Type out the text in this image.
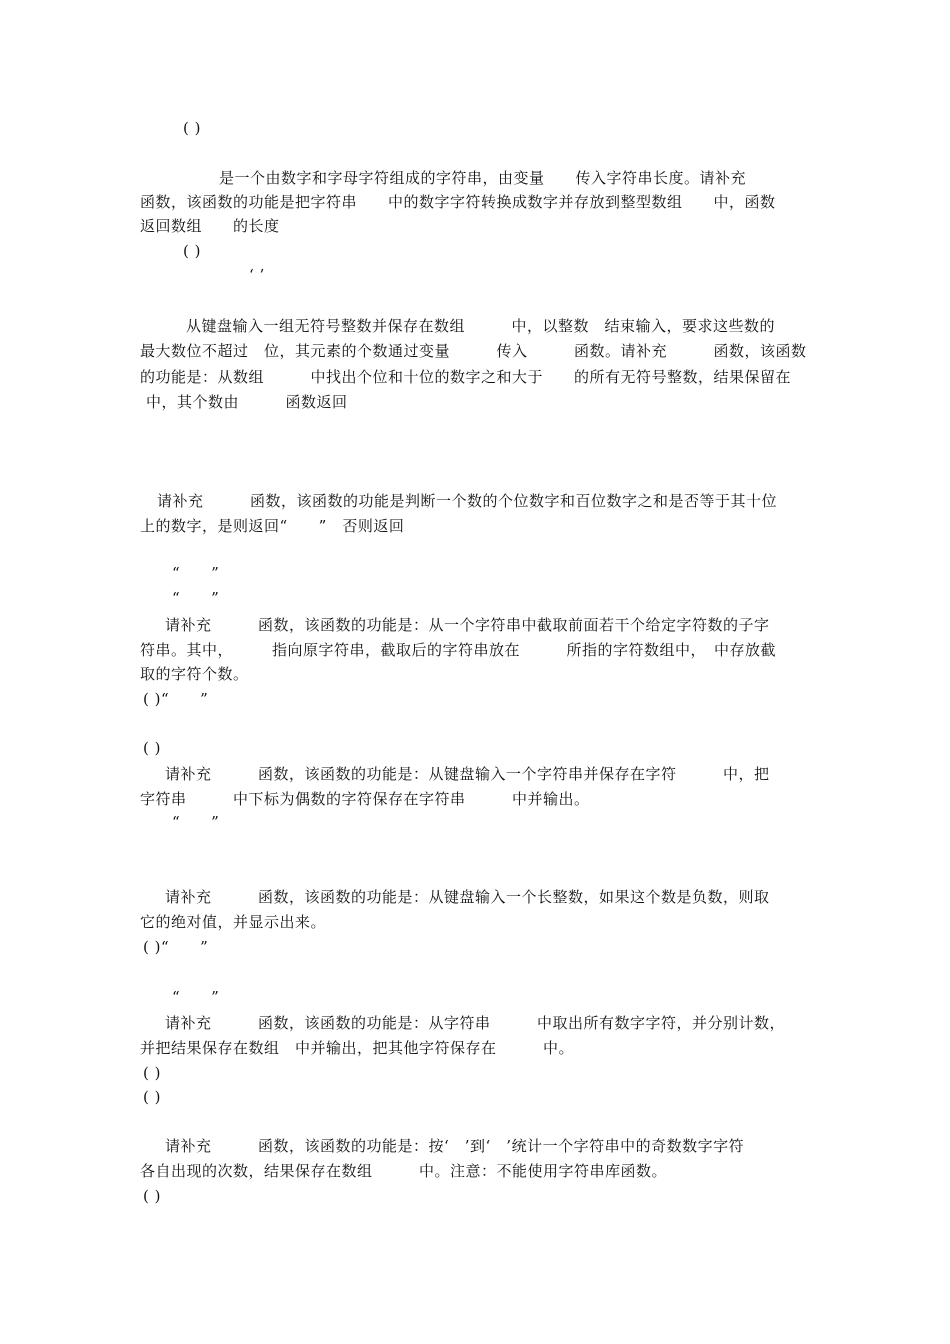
( )
是一个由数字和字母字符组成的字符串，由变量　　传入字符串长度。请补充
函数，该函数的功能是把字符串　　中的数字字符转换成数字并存放到整型数组　　中，函数
返回数组　　的长度
( )
‘ ’
从键盘输入一组无符号整数并保存在数组　　　中，以整数　结束输入，要求这些数的
最大数位不超过　位，其元素的个数通过变量　　　传入　　　函数。请补充　　　函数，该函数
的功能是：从数组　　　中找出个位和十位的数字之和大于　　的所有无符号整数，结果保留在
中，其个数由　　　函数返回
请补充　　　函数，该函数的功能是判断一个数的个位数字和百位数字之和是否等于其十位
上的数字，是则返回“　　”　否则返回
“　　”
“　　”
请补充　　　函数，该函数的功能是：从一个字符串中截取前面若干个给定字符数的子字
符串。其中，　　　指向原字符串，截取后的字符串放在　　　所指的字符数组中，　中存放截
取的字符个数。
( )“　　”
( )
请补充　　　函数，该函数的功能是：从键盘输入一个字符串并保存在字符　　　中，把
字符串　　　中下标为偶数的字符保存在字符串　　　中并输出。
“　　”
请补充　　　函数，该函数的功能是：从键盘输入一个长整数，如果这个数是负数，则取
它的绝对值，并显示出来。
( )“　　”
“　　”
请补充　　　函数，该函数的功能是：从字符串　　　中取出所有数字字符，并分别计数，
并把结果保存在数组　中并输出，把其他字符保存在　　　中。
( )
( )
请补充　　　函数，该函数的功能是：按‘　’到‘　’统计一个字符串中的奇数数字字符
各自出现的次数，结果保存在数组　　　中。注意：不能使用字符串库函数。
( )
